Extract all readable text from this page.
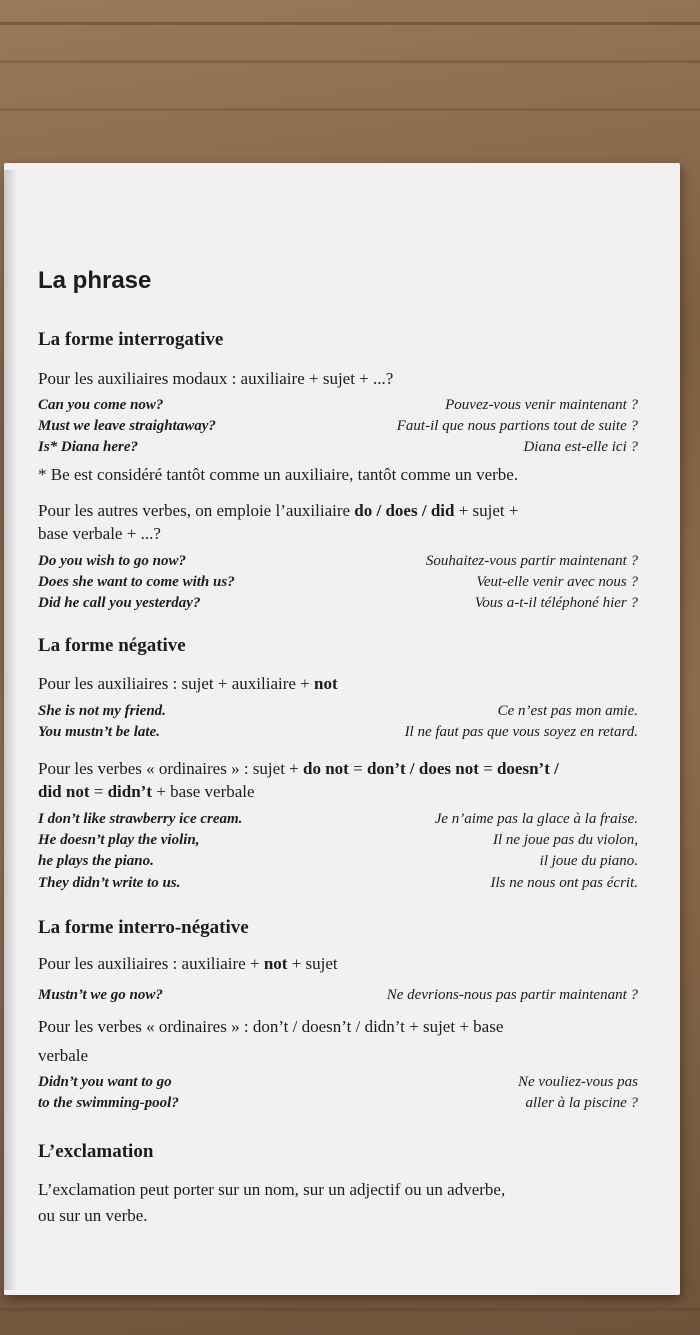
La phrase
La forme interrogative
Pour les auxiliaires modaux : auxiliaire + sujet + ...?
Can you come now?	Pouvez-vous venir maintenant ?
Must we leave straightaway?	Faut-il que nous partions tout de suite ?
Is* Diana here?	Diana est-elle ici ?
* Be est considéré tantôt comme un auxiliaire, tantôt comme un verbe.
Pour les autres verbes, on emploie l’auxiliaire do / does / did + sujet +
base verbale + ...?
Do you wish to go now?	Souhaitez-vous partir maintenant ?
Does she want to come with us?	Veut-elle venir avec nous ?
Did he call you yesterday?	Vous a-t-il téléphoné hier ?
La forme négative
Pour les auxiliaires : sujet + auxiliaire + not
She is not my friend.	Ce n’est pas mon amie.
You mustn’t be late.	Il ne faut pas que vous soyez en retard.
Pour les verbes « ordinaires » : sujet + do not = don’t / does not = doesn’t /
did not = didn’t + base verbale
I don’t like strawberry ice cream.	Je n’aime pas la glace à la fraise.
He doesn’t play the violin,	Il ne joue pas du violon,
he plays the piano.	il joue du piano.
They didn’t write to us.	Ils ne nous ont pas écrit.
La forme interro-négative
Pour les auxiliaires : auxiliaire + not + sujet
Mustn’t we go now?	Ne devrions-nous pas partir maintenant ?
Pour les verbes « ordinaires » : don’t / doesn’t / didn’t + sujet + base
verbale
Didn’t you want to go	Ne vouliez-vous pas
to the swimming-pool?	aller à la piscine ?
L’exclamation
L’exclamation peut porter sur un nom, sur un adjectif ou un adverbe,
ou sur un verbe.
